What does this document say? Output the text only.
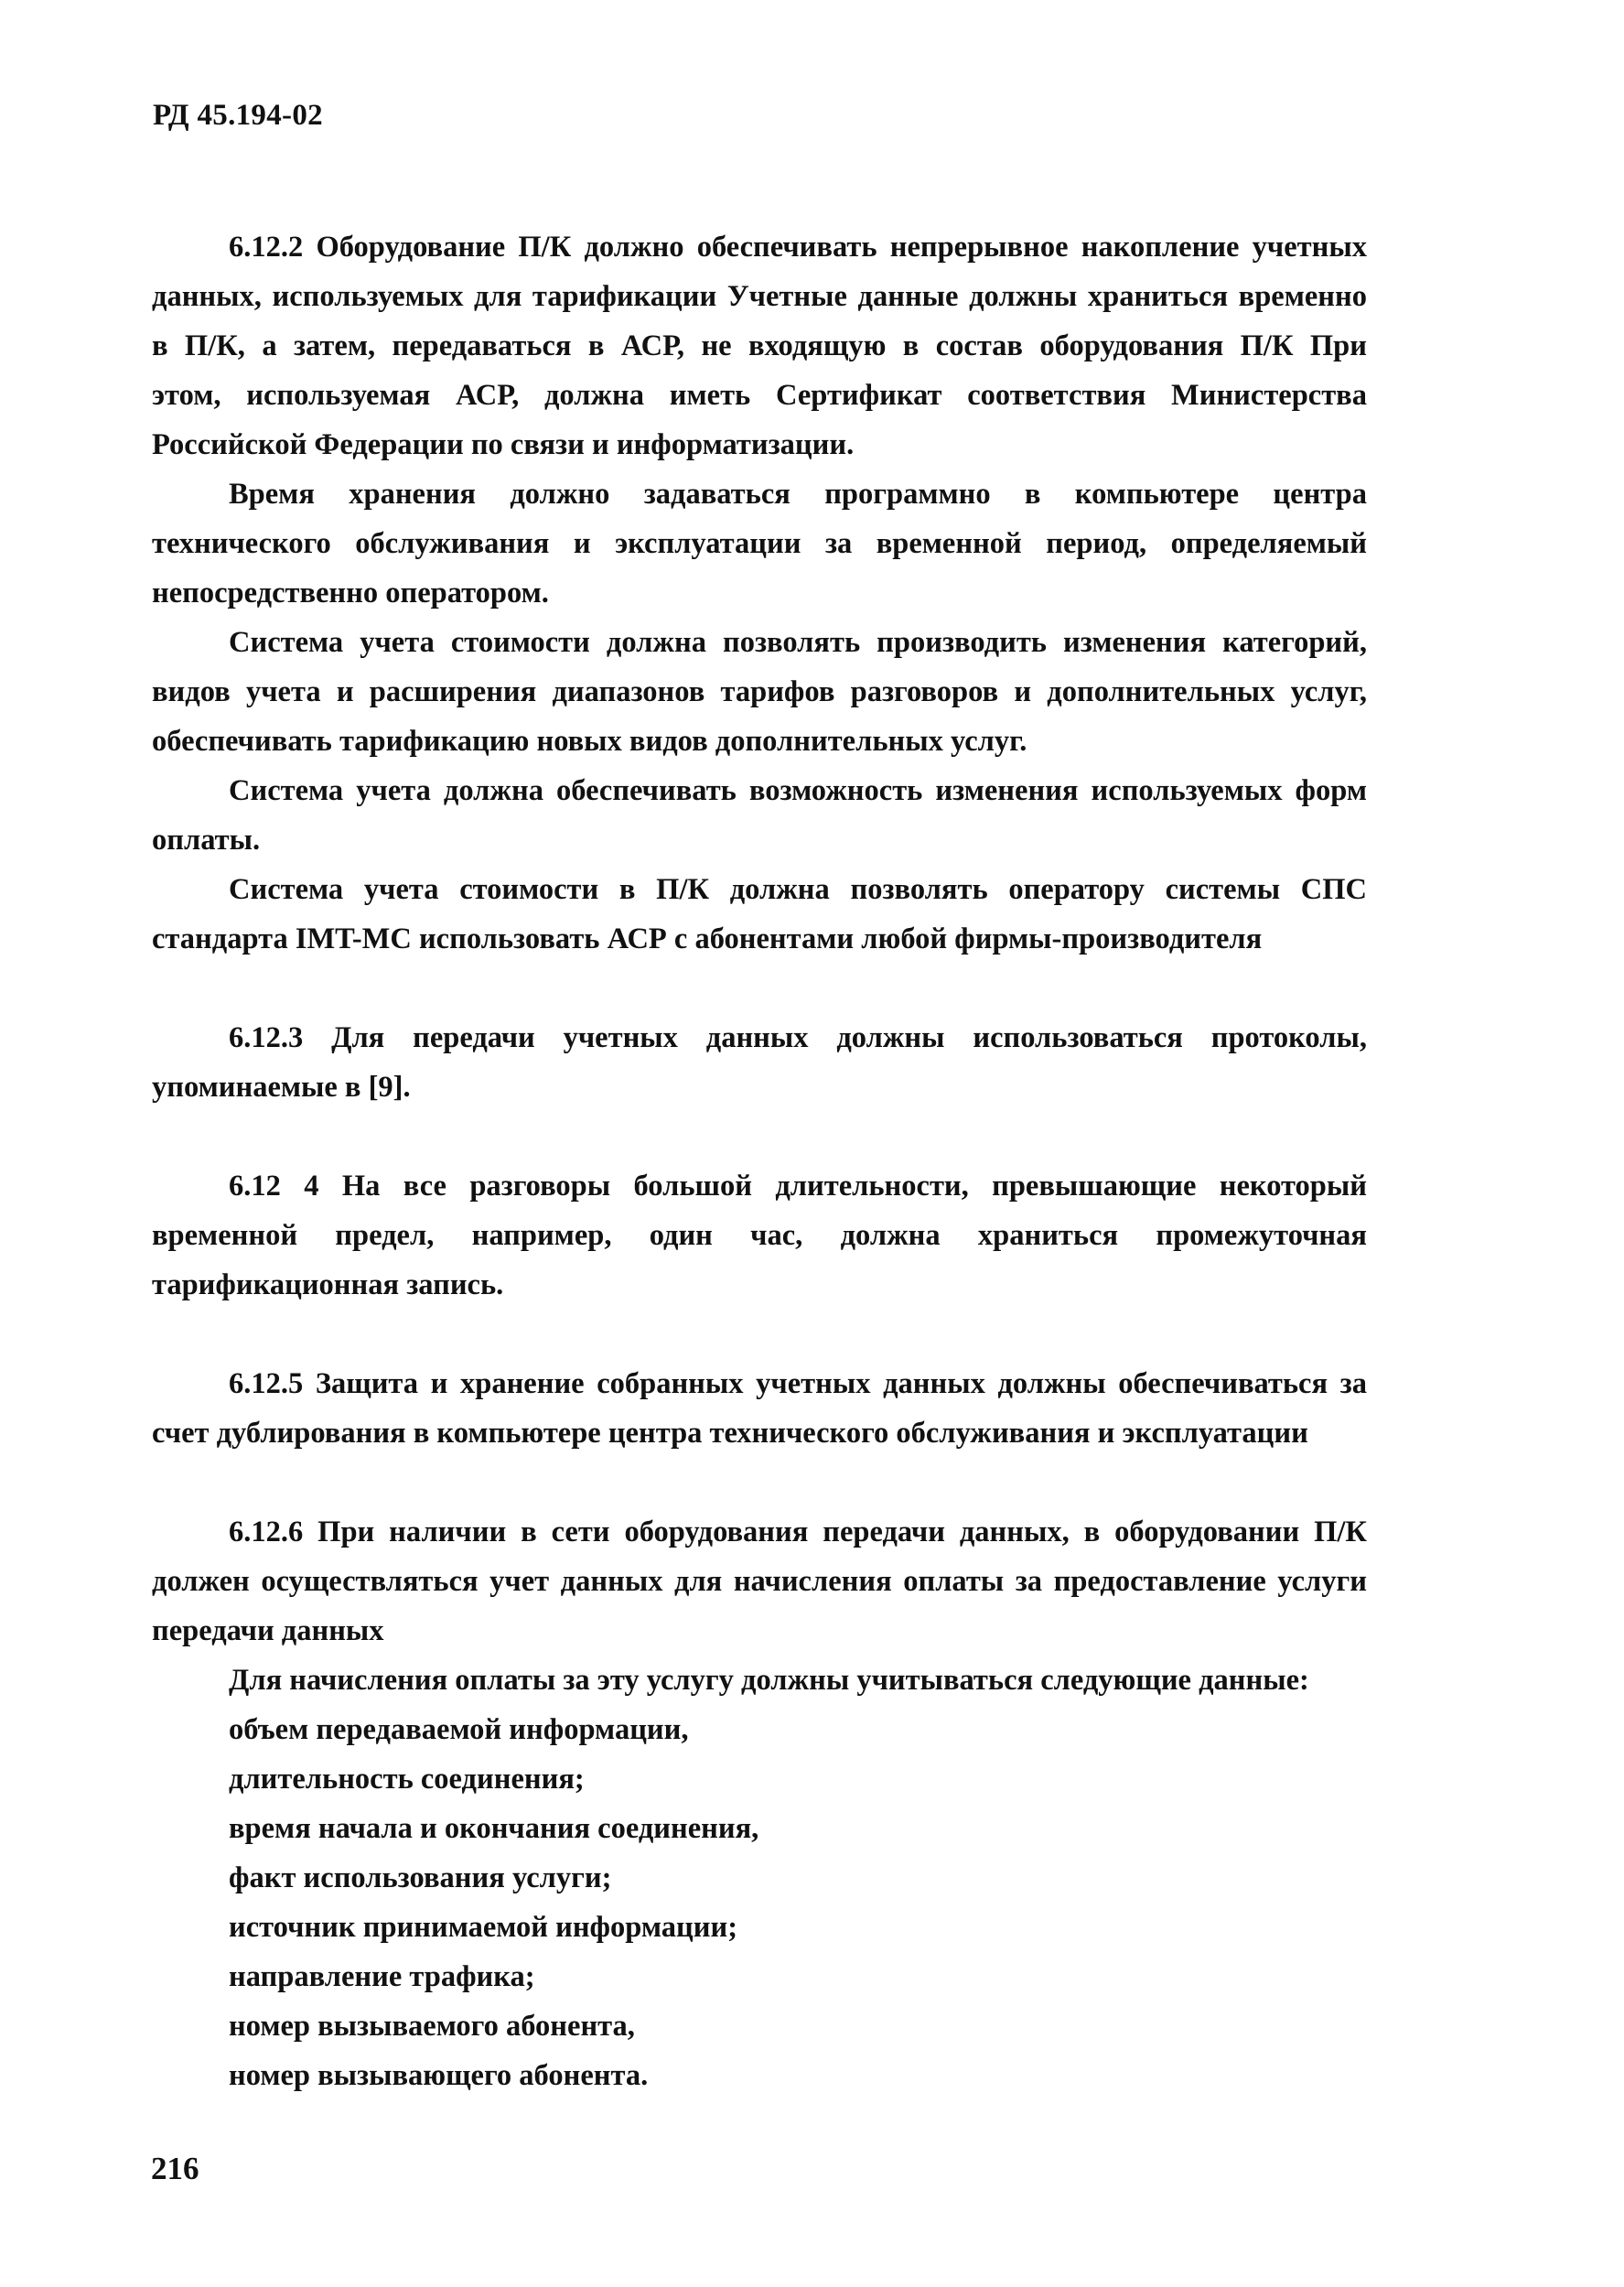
РД 45.194-02
6.12.2 Оборудование П/К должно обеспечивать непрерывное накопление учетных
данных, используемых для тарификации Учетные данные должны храниться временно
в П/К, а затем, передаваться в АСР, не входящую в состав оборудования П/К При
этом, используемая АСР, должна иметь Сертификат соответствия Министерства
Российской Федерации по связи и информатизации.
Время хранения должно задаваться программно в компьютере центра
технического обслуживания и эксплуатации за временной период, определяемый
непосредственно оператором.
Система учета стоимости должна позволять производить изменения категорий,
видов учета и расширения диапазонов тарифов разговоров и дополнительных услуг,
обеспечивать тарификацию новых видов дополнительных услуг.
Система учета должна обеспечивать возможность изменения используемых форм
оплаты.
Система учета стоимости в П/К должна позволять оператору системы СПС
стандарта IMT-MC использовать АСР с абонентами любой фирмы-производителя
6.12.3 Для передачи учетных данных должны использоваться протоколы,
упоминаемые в [9].
6.12 4 На все разговоры большой длительности, превышающие некоторый
временной предел, например, один час, должна храниться промежуточная
тарификационная запись.
6.12.5 Защита и хранение собранных учетных данных должны обеспечиваться за
счет дублирования в компьютере центра технического обслуживания и эксплуатации
6.12.6 При наличии в сети оборудования передачи данных, в оборудовании П/К
должен осуществляться учет данных для начисления оплаты за предоставление услуги
передачи данных
Для начисления оплаты за эту услугу должны учитываться следующие данные:
объем передаваемой информации,
длительность соединения;
время начала и окончания соединения,
факт использования услуги;
источник принимаемой информации;
направление трафика;
номер вызываемого абонента,
номер вызывающего абонента.
216
